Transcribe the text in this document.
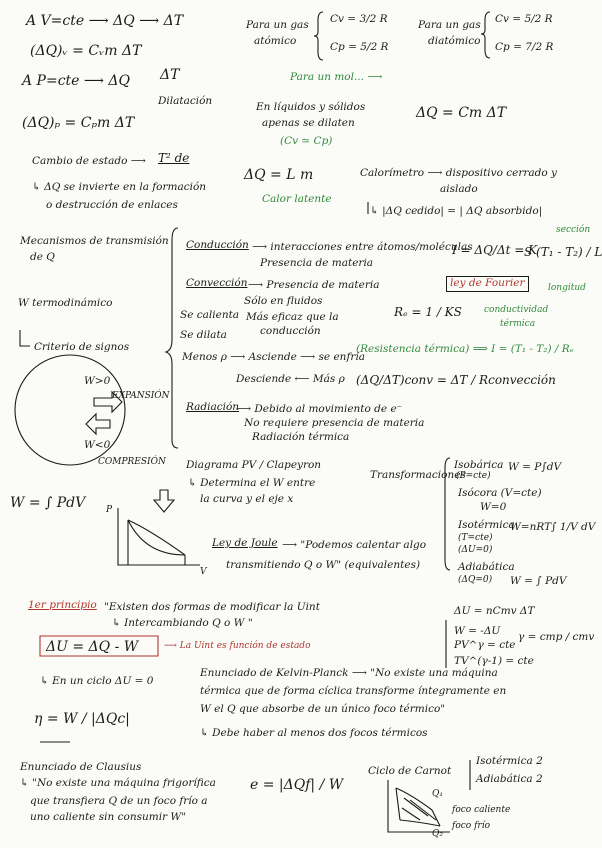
A V=cte ⟶ ΔQ ⟶ ΔT
(ΔQ)ᵥ = Cᵥm ΔT
A P=cte ⟶ ΔQ ΔT
Dilatación
(ΔQ)ₚ = Cₚm ΔT
Para un gas
atómico
Cv = 3/2 R
Cp = 5/2 R
Para un gas
diatómico
Cv = 5/2 R
Cp = 7/2 R
Para un mol... ⟶
En líquidos y sólidos
apenas se dilaten
(Cv ≃ Cp)
ΔQ = Cm ΔT
Cambio de estado ⟶ T² de
↳ ΔQ se invierte en la formación
o destrucción de enlaces
ΔQ = L m
Calor latente
Calorímetro ⟶ dispositivo cerrado y
aislado
↳ |ΔQ cedido| = | ΔQ absorbido|
Mecanismos de transmisión
de Q
Conducción ⟶ interacciones entre átomos/moléculas
Presencia de materia
I = ΔQ/Δt = K
S (T₁ - T₂) / L
sección
longitud
ley de Fourier
Convección ⟶ Presencia de materia
Sólo en fluidos
Se calienta
Se dilata
Más eficaz que la
conducción
Menos ρ ⟶ Asciende ⟶ se enfría
Desciende ⟵ Más ρ
W termodinámico
Criterio de signos
W>0
EXPANSIÓN
W<0
COMPRESIÓN
Rₑ = 1 / KS conductividad
térmica
(Resistencia térmica) ⟹ I = (T₁ - T₂) / Rₑ
(ΔQ/ΔT)conv = ΔT / Rconvección
Radiación
⟶ Debido al movimiento de e⁻
No requiere presencia de materia
Radiación térmica
Diagrama PV / Clapeyron
↳ Determina el W entre
la curva y el eje x
W = ∫ PdV P
V
Transformaciones
Isobárica
(P=cte)
W = P∫dV
Isócora (V=cte)
W=0
Isotérmica
(T=cte)
(ΔU=0)
W=nRT∫ 1/V dV
Adiabática
(ΔQ=0) W = ∫ PdV
Ley de Joule ⟶ "Podemos calentar algo
transmitiendo Q o W" (equivalentes)
1er principio "Existen dos formas de modificar la Uint
↳ Intercambiando Q o W "
ΔU = ΔQ - W	⟶ La Uint es función de estado
ΔU = nCmv ΔT
W = -ΔU
PV^γ = cte
TV^(γ-1) = cte
γ = cmp / cmv
↳ En un ciclo ΔU = 0
Enunciado de Kelvin-Planck ⟶ "No existe una máquina
térmica que de forma cíclica transforme íntegramente en
W el Q que absorbe de un único foco térmico"
↳ Debe haber al menos dos focos térmicos
η = W / |ΔQc|
Enunciado de Clausius
↳ "No existe una máquina frigorífica
que transfiera Q de un foco frío a
uno caliente sin consumir W"
e = |ΔQf| / W
Ciclo de Carnot
Isotérmica 2
Adiabática 2
Q₁
foco caliente
foco frío
Q₂
